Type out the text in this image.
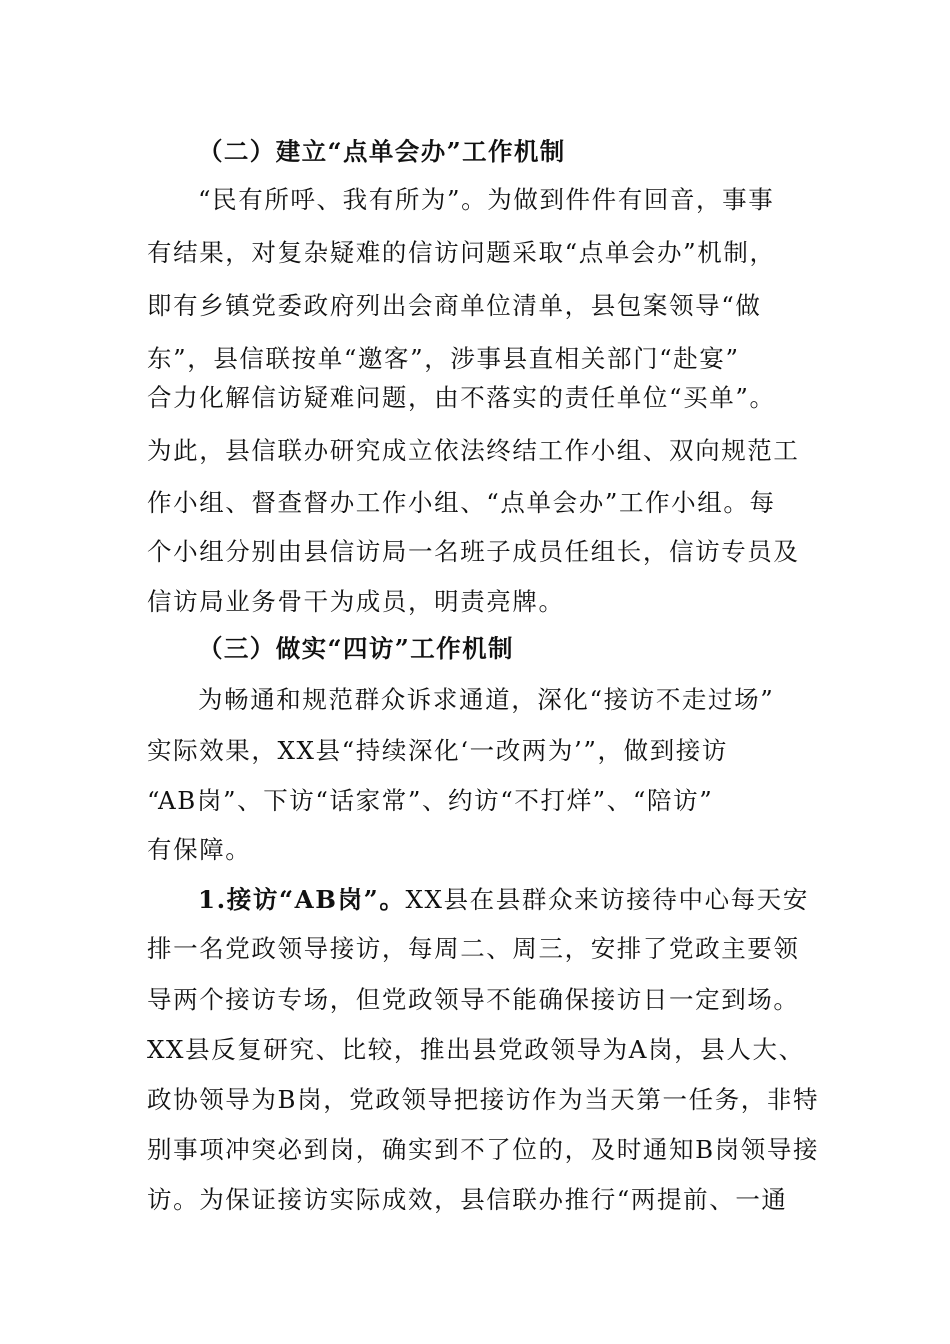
（二）建立“点单会办”工作机制
“民有所呼、我有所为”。为做到件件有回音，事事
有结果，对复杂疑难的信访问题采取“点单会办”机制，
即有乡镇党委政府列出会商单位清单，县包案领导“做
东”，县信联按单“邀客”，涉事县直相关部门“赴宴”
合力化解信访疑难问题，由不落实的责任单位“买单”。
为此，县信联办研究成立依法终结工作小组、双向规范工
作小组、督查督办工作小组、“点单会办”工作小组。每
个小组分别由县信访局一名班子成员任组长，信访专员及
信访局业务骨干为成员，明责亮牌。
（三）做实“四访”工作机制
为畅通和规范群众诉求通道，深化“接访不走过场”
实际效果，XX县“持续深化‘一改两为’”，做到接访
“AB岗”、下访“话家常”、约访“不打烊”、“陪访”
有保障。
1.接访“AB岗”。XX县在县群众来访接待中心每天安
排一名党政领导接访，每周二、周三，安排了党政主要领
导两个接访专场，但党政领导不能确保接访日一定到场。
XX县反复研究、比较，推出县党政领导为A岗，县人大、
政协领导为B岗，党政领导把接访作为当天第一任务，非特
别事项冲突必到岗，确实到不了位的，及时通知B岗领导接
访。为保证接访实际成效，县信联办推行“两提前、一通
